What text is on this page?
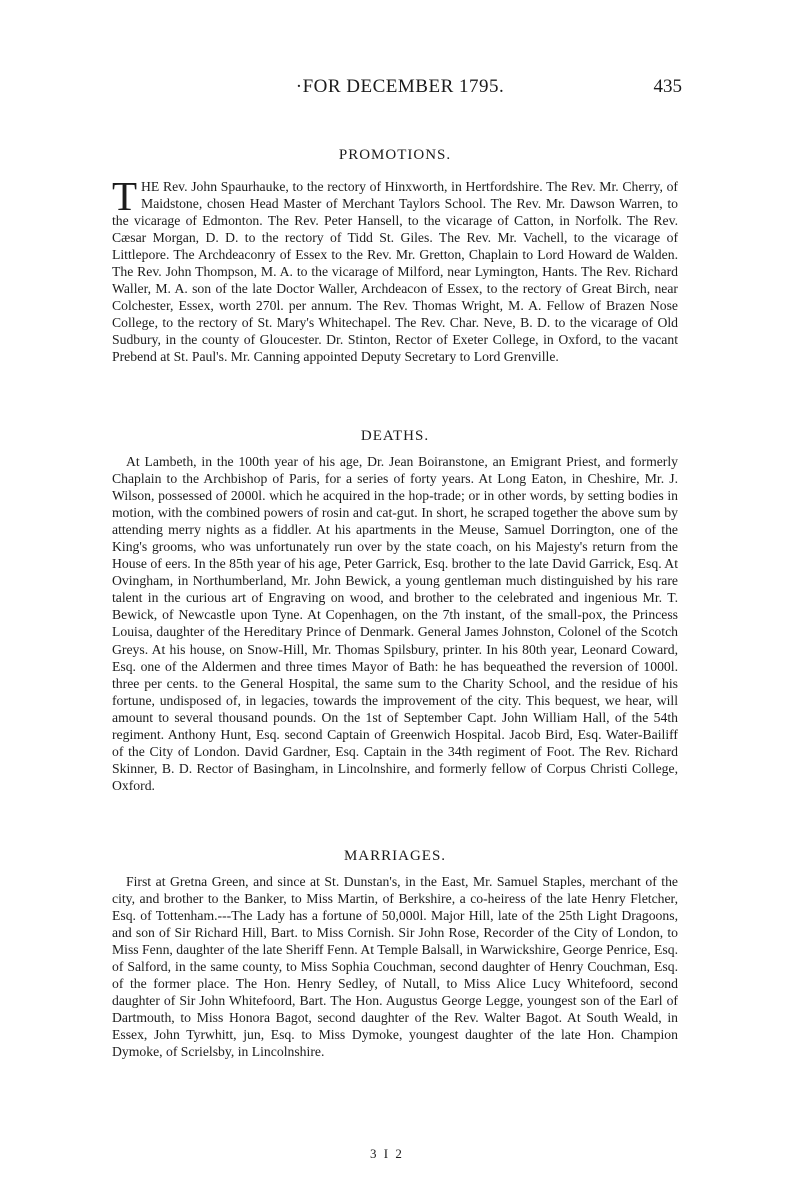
·FOR DECEMBER 1795.	435
PROMOTIONS.

THE Rev. John Spaurhauke, to the rectory of Hinxworth, in Hertfordshire. The Rev. Mr. Cherry, of Maidstone, chosen Head Master of Merchant Taylors School. The Rev. Mr. Dawson Warren, to the vicarage of Edmonton. The Rev. Peter Hansell, to the vicarage of Catton, in Norfolk. The Rev. Cæsar Morgan, D. D. to the rectory of Tidd St. Giles. The Rev. Mr. Vachell, to the vicarage of Littlepore. The Archdeaconry of Essex to the Rev. Mr. Gretton, Chaplain to Lord Howard de Walden. The Rev. John Thompson, M. A. to the vicarage of Milford, near Lymington, Hants. The Rev. Richard Waller, M. A. son of the late Doctor Waller, Archdeacon of Essex, to the rectory of Great Birch, near Colchester, Essex, worth 270l. per annum. The Rev. Thomas Wright, M. A. Fellow of Brazen Nose College, to the rectory of St. Mary's Whitechapel. The Rev. Char. Neve, B. D. to the vicarage of Old Sudbury, in the county of Gloucester. Dr. Stinton, Rector of Exeter College, in Oxford, to the vacant Prebend at St. Paul's. Mr. Canning appointed Deputy Secretary to Lord Grenville.

DEATHS.

At Lambeth, in the 100th year of his age, Dr. Jean Boiranstone, an Emigrant Priest, and formerly Chaplain to the Archbishop of Paris, for a series of forty years. At Long Eaton, in Cheshire, Mr. J. Wilson, possessed of 2000l. which he acquired in the hop-trade; or in other words, by setting bodies in motion, with the combined powers of rosin and cat-gut. In short, he scraped together the above sum by attending merry nights as a fiddler. At his apartments in the Meuse, Samuel Dorrington, one of the King's grooms, who was unfortunately run over by the state coach, on his Majesty's return from the House of eers. In the 85th year of his age, Peter Garrick, Esq. brother to the late David Garrick, Esq. At Ovingham, in Northumberland, Mr. John Bewick, a young gentleman much distinguished by his rare talent in the curious art of Engraving on wood, and brother to the celebrated and ingenious Mr. T. Bewick, of Newcastle upon Tyne. At Copenhagen, on the 7th instant, of the small-pox, the Princess Louisa, daughter of the Hereditary Prince of Denmark. General James Johnston, Colonel of the Scotch Greys. At his house, on Snow-Hill, Mr. Thomas Spilsbury, printer. In his 80th year, Leonard Coward, Esq. one of the Aldermen and three times Mayor of Bath: he has bequeathed the reversion of 1000l. three per cents. to the General Hospital, the same sum to the Charity School, and the residue of his fortune, undisposed of, in legacies, towards the improvement of the city. This bequest, we hear, will amount to several thousand pounds. On the 1st of September Capt. John William Hall, of the 54th regiment. Anthony Hunt, Esq. second Captain of Greenwich Hospital. Jacob Bird, Esq. Water-Bailiff of the City of London. David Gardner, Esq. Captain in the 34th regiment of Foot. The Rev. Richard Skinner, B. D. Rector of Basingham, in Lincolnshire, and formerly fellow of Corpus Christi College, Oxford.

MARRIAGES.

First at Gretna Green, and since at St. Dunstan's, in the East, Mr. Samuel Staples, merchant of the city, and brother to the Banker, to Miss Martin, of Berkshire, a co-heiress of the late Henry Fletcher, Esq. of Tottenham.---The Lady has a fortune of 50,000l. Major Hill, late of the 25th Light Dragoons, and son of Sir Richard Hill, Bart. to Miss Cornish. Sir John Rose, Recorder of the City of London, to Miss Fenn, daughter of the late Sheriff Fenn. At Temple Balsall, in Warwickshire, George Penrice, Esq. of Salford, in the same county, to Miss Sophia Couchman, second daughter of Henry Couchman, Esq. of the former place. The Hon. Henry Sedley, of Nutall, to Miss Alice Lucy Whitefoord, second daughter of Sir John Whitefoord, Bart. The Hon. Augustus George Legge, youngest son of the Earl of Dartmouth, to Miss Honora Bagot, second daughter of the Rev. Walter Bagot. At South Weald, in Essex, John Tyrwhitt, jun, Esq. to Miss Dymoke, youngest daughter of the late Hon. Champion Dymoke, of Scrielsby, in Lincolnshire.

3 I 2
